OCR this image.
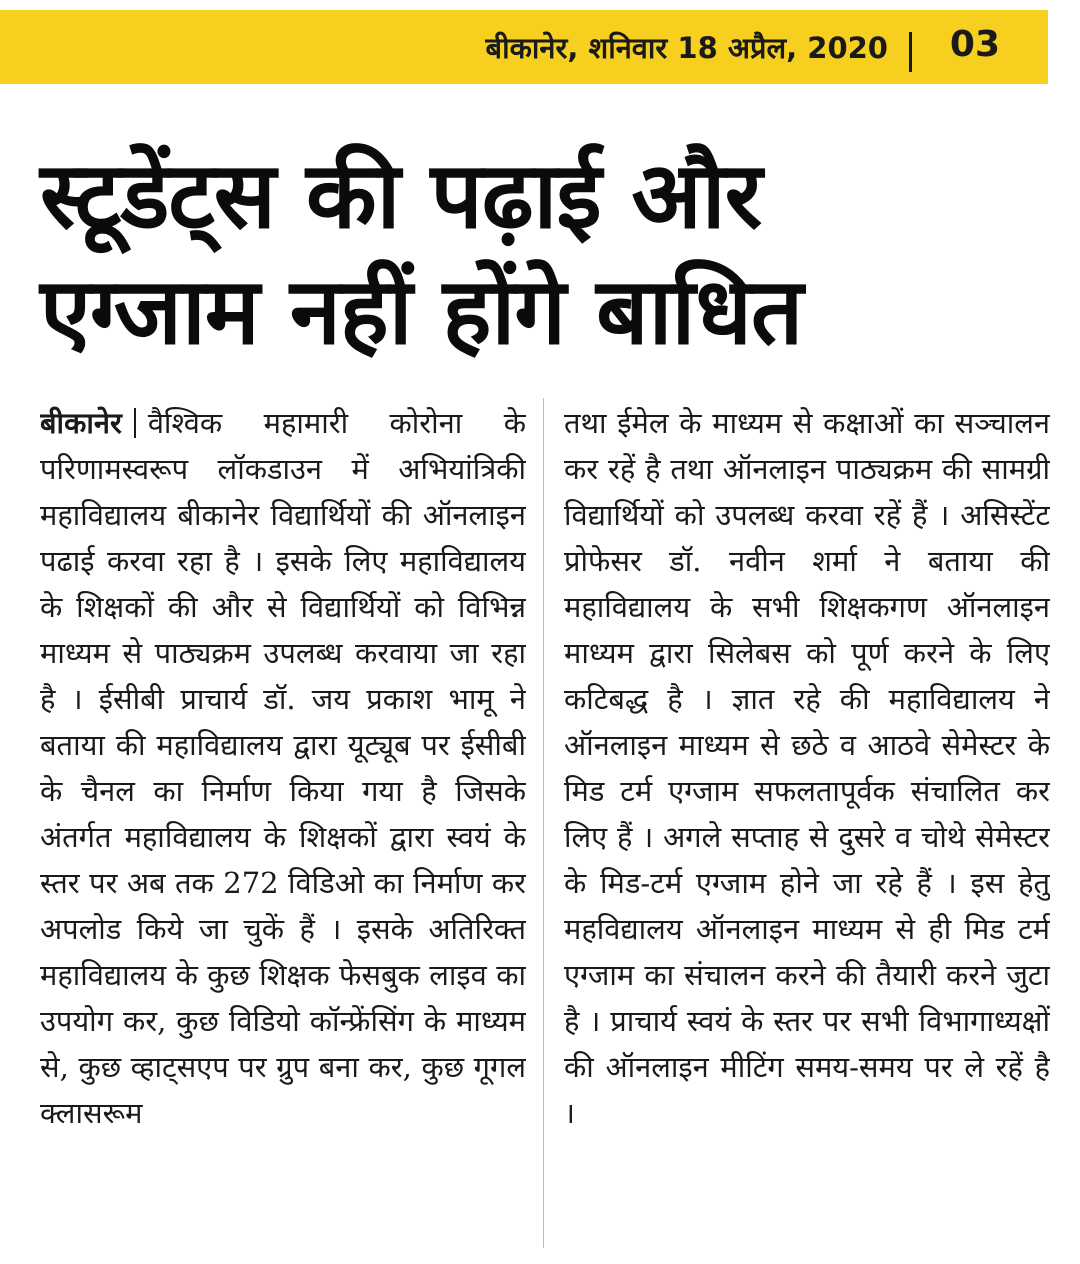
बीकानेर, शनिवार 18 अप्रैल, 2020 03
स्टूडेंट्स की पढ़ाई और
एग्जाम नहीं होंगे बाधित
बीकानेर वैश्विक महामारी कोरोना के परिणामस्वरूप लॉकडाउन में अभियांत्रिकी महाविद्यालय बीकानेर विद्यार्थियों की ऑनलाइन पढाई करवा रहा है । इसके लिए महाविद्यालय के शिक्षकों की और से विद्यार्थियों को विभिन्न माध्यम से पाठ्यक्रम उपलब्ध करवाया जा रहा है । ईसीबी प्राचार्य डॉ. जय प्रकाश भामू ने बताया की महाविद्यालय द्वारा यूट्यूब पर ईसीबी के चैनल का निर्माण किया गया है जिसके अंतर्गत महाविद्यालय के शिक्षकों द्वारा स्वयं के स्तर पर अब तक 272 विडिओ का निर्माण कर अपलोड किये जा चुकें हैं । इसके अतिरिक्त महाविद्यालय के कुछ शिक्षक फेसबुक लाइव का उपयोग कर, कुछ विडियो कॉन्फ्रेंसिंग के माध्यम से, कुछ व्हाट्सएप पर ग्रुप बना कर, कुछ गूगल क्लासरूम
तथा ईमेल के माध्यम से कक्षाओं का सञ्चालन कर रहें है तथा ऑनलाइन पाठ्यक्रम की सामग्री विद्यार्थियों को उपलब्ध करवा रहें हैं । असिस्टेंट प्रोफेसर डॉ. नवीन शर्मा ने बताया की महाविद्यालय के सभी शिक्षकगण ऑनलाइन माध्यम द्वारा सिलेबस को पूर्ण करने के लिए कटिबद्ध है । ज्ञात रहे की महाविद्यालय ने ऑनलाइन माध्यम से छठे व आठवे सेमेस्टर के मिड टर्म एग्जाम सफलतापूर्वक संचालित कर लिए हैं । अगले सप्ताह से दुसरे व चोथे सेमेस्टर के मिड-टर्म एग्जाम होने जा रहे हैं । इस हेतु महविद्यालय ऑनलाइन माध्यम से ही मिड टर्म एग्जाम का संचालन करने की तैयारी करने जुटा है । प्राचार्य स्वयं के स्तर पर सभी विभागाध्यक्षों की ऑनलाइन मीटिंग समय-समय पर ले रहें है ।
